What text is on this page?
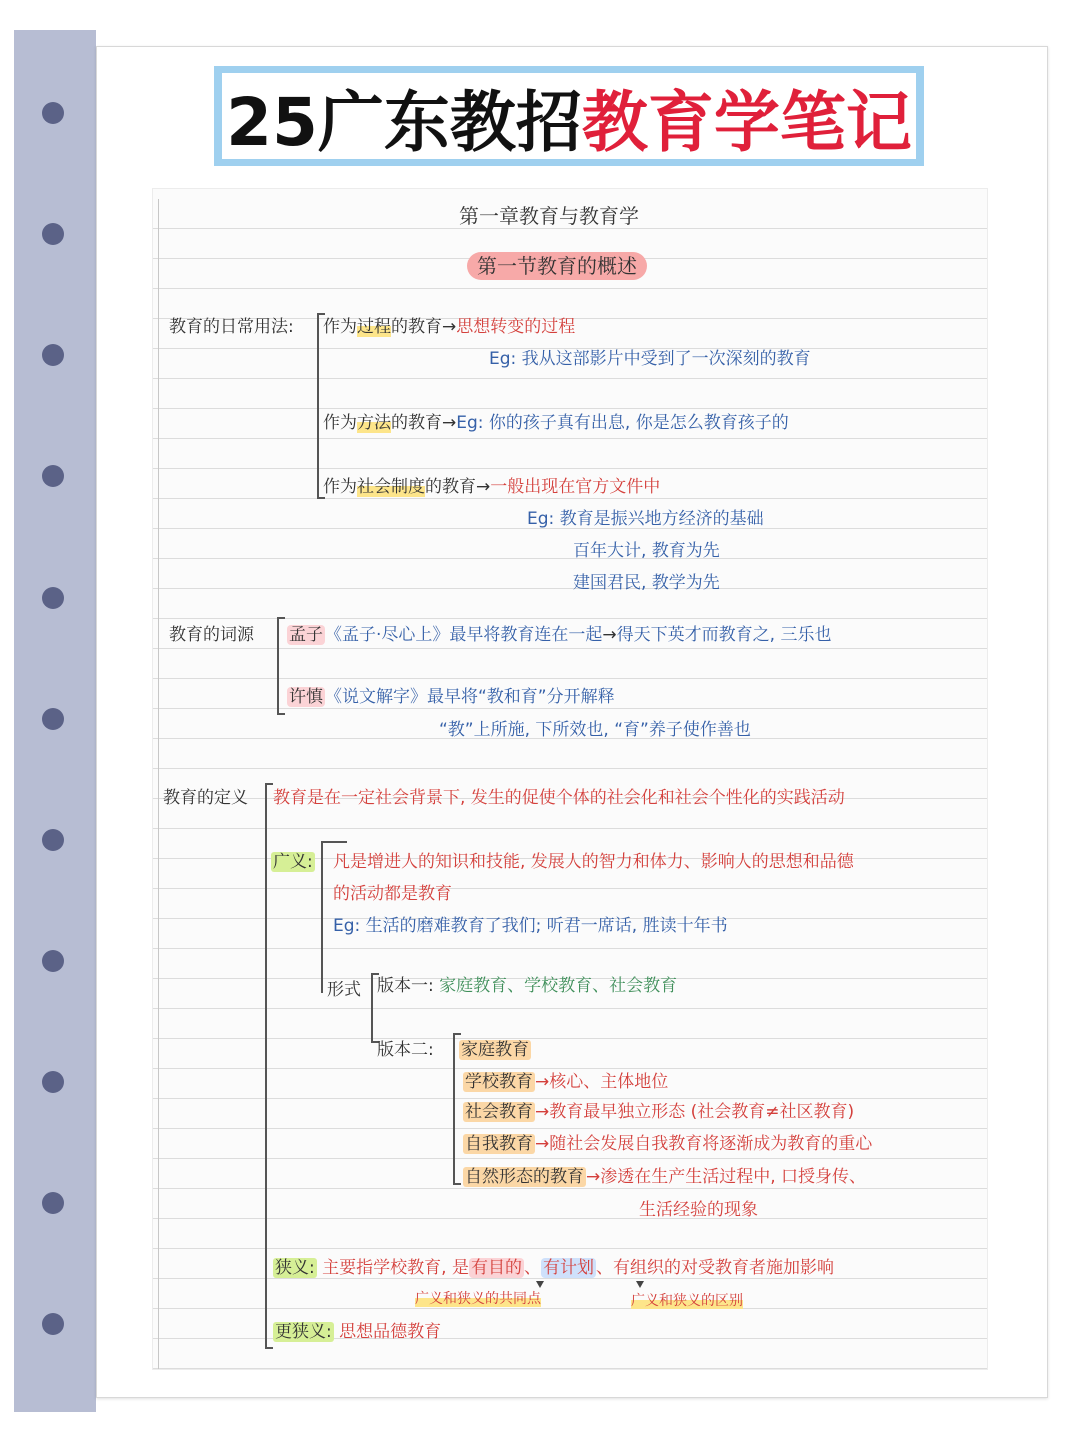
25广东教招 教育学笔记
第一章教育与教育学
第一节教育的概述
教育的日常用法: 作为过程的教育→思想转变的过程
Eg: 我从这部影片中受到了一次深刻的教育
作为方法的教育→Eg: 你的孩子真有出息, 你是怎么教育孩子的
作为社会制度的教育→一般出现在官方文件中
Eg: 教育是振兴地方经济的基础
百年大计, 教育为先
建国君民, 教学为先
教育的词源 孟子 《孟子·尽心上》最早将教育连在一起→得天下英才而教育之, 三乐也
许慎 《说文解字》最早将“教和育”分开解释
“教”上所施, 下所效也, “育”养子使作善也
教育的定义 教育是在一定社会背景下, 发生的促使个体的社会化和社会个性化的实践活动
广义: 凡是增进人的知识和技能, 发展人的智力和体力、影响人的思想和品德
的活动都是教育
Eg: 生活的磨难教育了我们; 听君一席话, 胜读十年书
形式 版本一: 家庭教育、学校教育、社会教育
版本二: 家庭教育
学校教育 →核心、主体地位
社会教育 →教育最早独立形态 (社会教育≠社区教育)
自我教育 →随社会发展自我教育将逐渐成为教育的重心
自然形态的教育 →渗透在生产生活过程中, 口授身传、
生活经验的现象
狭义: 主要指学校教育, 是 有目的 、 有计划 、有组织的对受教育者施加影响
广义和狭义的共同点	广义和狭义的区别
更狭义: 思想品德教育
